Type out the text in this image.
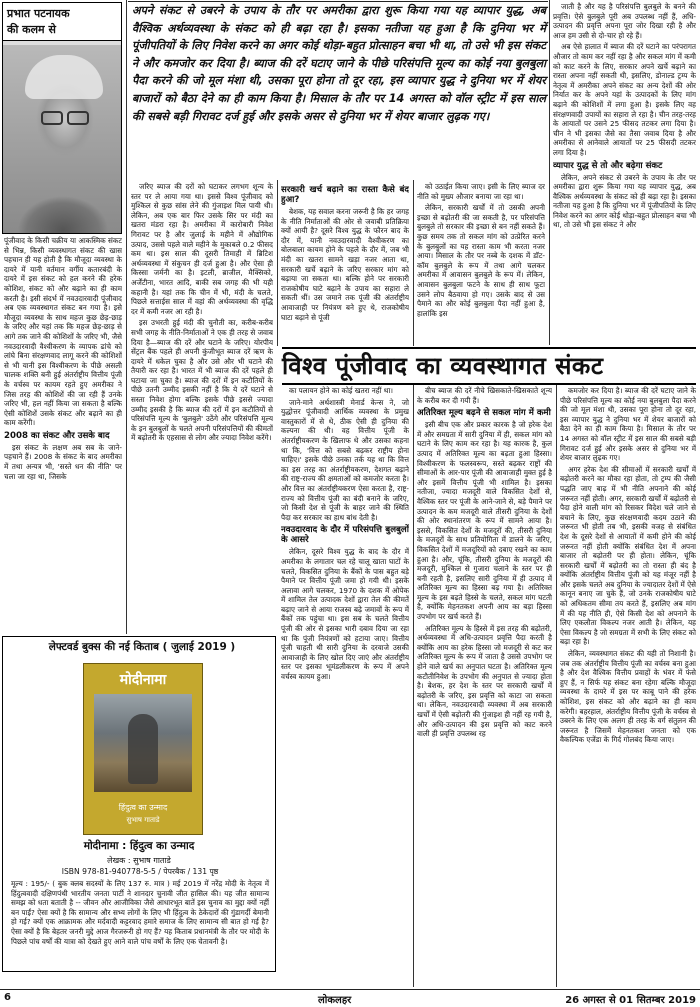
प्रभात पटनायक
की कलम से
अपने संकट से उबरने के उपाय के तौर पर अमरीका द्वारा शुरू किया गया यह व्यापार युद्ध, अब वैश्विक अर्थव्यवस्था के संकट को ही बढ़ा रहा है। इसका नतीजा यह हुआ है कि दुनिया भर में पूंजीपतियों के लिए निवेश करने का अगर कोई थोड़ा-बहुत प्रोत्साहन बचा भी था, तो उसे भी इस संकट ने और कमजोर कर दिया है। ब्याज की दरें घटाए जाने के पीछे परिसंपत्ति मूल्य का कोई नया बुलबुला पैदा करने की जो मूल मंशा थी, उसका पूरा होना तो दूर रहा, इस व्यापार युद्ध ने दुनिया भर में शेयर बाजारों को बैठा देने का ही काम किया है। मिसाल के तौर पर 14 अगस्त को वॉल स्ट्रीट में इस साल की सबसे बड़ी गिरावट दर्ज हुई और इसके असर से दुनिया भर में शेयर बाजार लुढ़क गए।

पूंजीवाद के किसी चक्रीय या आकस्मिक संकट से भिन्न, किसी व्यवस्थागत संकट की खास पहचान ही यह होती है कि मौजूदा व्यवस्था के दायरे में यानी वर्तमान वर्गीय कतारबंदी के दायरे में इस संकट को हल करने की हरेक कोशिश, संकट को और बढ़ाने का ही काम करती है। इसी संदर्भ में नवउदारवादी पूंजीवाद अब एक व्यवस्थागत संकट बन गया है। इसे मौजूदा व्यवस्था के साथ महज कुछ छेड़-छाड़ के जरिए और यहां तक कि महज छेड़-छाड़ से आगे तक जाने की कोशिशों के जरिए भी, जैसे नवउदारवादी वैश्वीकरण के व्यापक ढांचे को लांघे बिना संरक्षणवाद लागू करने की कोशिशों से भी यानी इस विश्वीकरण के पीछे असली चालक शक्ति बनी हुई अंतर्राष्ट्रीय वित्तीय पूंजी के वर्चस्व पर कायम रहते हुए अमरीका ने जिस तरह की कोशिशें की जा रही हैं उनके जरिए भी, हल नहीं किया जा सकता है बल्कि ऐसी कोशिशें उसके संकट और बढ़ाने का ही काम करेंगी।

2008 का संकट और उसके बाद

इस संकट के लक्षण अब सब के जाने-पहचाने हैं। 2008 के संकट के बाद अमरीका में तथा अन्यत्र भी, 'सस्ते धन की नीति' पर चला जा रहा था, जिसके

जरिए ब्याज की दरों को घटाकर लगभग शून्य के स्तर पर ले आया गया था। इससे विश्व पूंजीवाद को मुश्किल से कुछ सांस लेने की गुंजाइश मिल पायी थी। लेकिन, अब एक बार फिर उसके सिर पर मंदी का खतरा मंडरा रहा है। अमरीका में कारोबारी निवेश गिरावट पर है और जुलाई के महीने में औद्योगिक उत्पाद, उससे पहले वाले महीने के मुकाबले 0.2 फीसद कम था। इस साल की दूसरी तिमाही में ब्रिटिश अर्थव्यवस्था में संकुचन ही दर्ज हुआ है। और ऐसा ही किस्सा जर्मनी का है। इटली, ब्राजील, मैक्सिको, अर्जेंटीना, भारत आदि, बाकी सब जगह की भी यही कहानी है। यहां तक कि चीन में भी, मंदी के चलते, पिछले सत्ताईस साल में वहां की अर्थव्यवस्था की वृद्धि दर में कमी नजर आ रही है।

इस उभरती हुई मंदी की चुनौती का, करीब-करीब सभी जगह के नीति-निर्माताओं ने एक ही तरह से जवाब दिया है—ब्याज की दरें और घटाने के जरिए। योरपीय सेंट्रल बैंक पहले ही अपनी कुंजीभूत ब्याज दरें ऋण के दायरे में धकेल चुका है और उसे और भी घटाने की तैयारी कर रहा है। भारत में भी ब्याज की दरें पहले ही घटाया जा चुका है। ब्याज की दरों में इन कटौतियों के पीछे उतनी उम्मीद इसकी नहीं है कि ये दरें घटाने से सस्ता निवेश होगा बल्कि इसके पीछे इससे ज्यादा उम्मीद इसकी है कि ब्याज की दरों में इन कटौतियों से परिसंपत्ति मूल्य के 'बुलबुले' उठेंगे और परिसंपत्ति मूल्य के इन बुलबुलों के चलते अपनी परिसंपत्तियों की कीमतों में बढ़ोतरी के एहसास से लोग और ज्यादा निवेश करेंगे।

सरकारी खर्च बढ़ाने का रास्ता कैसे बंद हुआ?

बेशक, यह सवाल करना जरूरी है कि हर जगह के नीति निर्माताओं की ओर से जवाबी प्रतिक्रिया क्यों आयी है? दूसरे विश्व युद्ध के फौरन बाद के दौर में, यानी नवउदारवादी वैश्वीकरण का बोलबाला कायम होने के पहले के दौर में, जब भी मंदी का खतरा सामने खड़ा नजर आता था, सरकारी खर्चे बढ़ाने के जरिए सरकार मांग को बढ़ाया जा सकता था। बल्कि होने पर सरकारी राजकोषीय घाटे बढ़ाने के उपाय का सहारा ले सकती थीं। उस जमाने तक पूंजी की अंतर्राष्ट्रीय आवाजाही पर नियंत्रण बने हुए थे, राजकोषीय घाटा बढ़ाने से पूंजी

को उठाईत किया जाए। इसी के लिए ब्याज दर नीति को मुख्य औजार बनाया जा रहा था।

लेकिन, सरकारी खर्चों में तो उसकी अपनी इच्छा से बढ़ोतरी की जा सकती है, पर परिसंपत्ति बुलबुले तो सरकार की इच्छा से बन नहीं सकते हैं। कुछ समय तक तो सकल मांग को उत्प्रेरित करने के बुलबुलों का यह रास्ता काम भी करता नजर आया। मिसाल के तौर पर नब्बे के दशक में डॉट-कॉम बुलबुले के रूप में तथा आगे चलकर अमरीका में आवासन बुलबुले के रूप में। लेकिन, आवासन बुलबुला फटने के साथ ही साथ फूटा उसने लोप बैठवाया हो गए। उसके बाद से उस पैमाने का और कोई बुलबुला पैदा नहीं हुआ है, हालांकि इस

जाती है और यह है परिसंपत्ति बुलबुले के बनने की प्रवृत्ति। ऐसे बुलबुले पूरी अब उपलब्ध नहीं हैं, अधि-उत्पादन की प्रवृत्ति अपना पूरा जोर दिखा रही है और आज हम उसी से दो-चार हो रहे हैं।

अब ऐसे हालात में ब्याज की दरें घटाने का परंपरागत औजार तो काम कर नहीं रहा है और सकल मांग में कमी को काट करने के लिए, सरकार अपने खर्चे बढ़ाने का रास्ता अपना नहीं सकती थी, इसलिए, डोनाल्ड ट्रम्प के नेतृत्व में अमरीका अपने संकट का अन्य देशों की ओर निर्यात कर के अपने यहां के उत्पादकों के लिए मांग बढ़ाने की कोशिशों में लगा हुआ है। इसके लिए वह संरक्षणवादी उपायों का सहारा ले रहा है। चीन तरह-तरह के आयातों पर उसने 25 फीसद तटकर लगा दिया है। चीन ने भी इसका जैसे का तैसा जवाब दिया है और अमरीका से आनेवाले आयातों पर 25 फीसदी तटकर लगा दिया है।

व्यापार युद्ध से तो और बढ़ेगा संकट

लेकिन, अपने संकट से उबरने के उपाय के तौर पर अमरीका द्वारा शुरू किया गया यह व्यापार युद्ध, अब वैश्विक अर्थव्यवस्था के संकट को ही बढ़ा रहा है। इसका नतीजा यह हुआ है कि दुनिया भर में पूंजीपतियों के लिए निवेश करने का अगर कोई थोड़ा-बहुत प्रोत्साहन बचा भी था, तो उसे भी इस संकट ने और

विश्व पूंजीवाद का व्यवस्थागत संकट

का पलायन होने का कोई खतरा नहीं था।

जाने-माने अर्थशास्त्री मेनार्ड केन्स ने, जो युद्धोत्तर पूंजीवादी आर्थिक व्यवस्था के प्रमुख वास्तुकारों में से थे, ठीक ऐसी ही दुनिया की कल्पना की थी। वह वित्तीय पूंजी के अंतर्राष्ट्रीयकरण के खिलाफ थे और उसका कहना था कि, 'वित्त को सबसे बढ़कर राष्ट्रीय होना चाहिए।' इसके पीछे उनका तर्क यह था कि वित्त का इस तरह का अंतर्राष्ट्रीयकरण, देशगत बढ़ाने की राष्ट्र-राज्य की क्षमताओं को कमजोर करता है। और वित्त का अंतर्राष्ट्रीयकरण ऐसा करता है, राष्ट्र-राज्य को वित्तीय पूंजी का बंदी बनाने के जरिए, जो किसी देश से पूंजी के बाहर जाने की स्थिति पैदा कर सरकार का हाथ बांध देती है।

नवउदारवाद के दौर में परिसंपत्ति बुलबुलों के आसरे

लेकिन, दूसरे विश्व युद्ध के बाद के दौर में अमरीका के लगातार चल रहे चालू खाता घाटों के चलते, विकसित दुनिया के बैंकों के पास बहुत बड़े पैमाने पर वित्तीय पूंजी जमा हो गयी थी। इसके अलावा आगे चलकर, 1970 के दशक में ओपेक में शामिल तेल उत्पादक देशों द्वारा तेल की कीमतें बढ़ाए जाने से आया राजस्व बढ़े जमावों के रूप में बैंकों तक पहुंचा था। इस सब के चलते वित्तीय पूंजी की ओर से इसका भारी दबाव दिया जा रहा था कि पूंजी नियंत्रणों को हटाया जाए। वित्तीय पूंजी चाहती थी सारी दुनिया के दरवाजे उसकी आवाजाही के लिए खोल दिए जाएं और अंतर्राष्ट्रीय स्तर पर इसका भूमंडलीकरण के रूप में अपने वर्चस्व कायम हुआ।

बीच ब्याज की दरें नीचे खिसकाते-खिसकाते शून्य के करीब कर दी गयी हैं।

अतिरिक्त मूल्य बढ़ने से सकल मांग में कमी

इसी बीच एक और प्रकार कारक है जो हरेक देश में और समग्रता में सारी दुनिया में ही, सकल मांग को घटाने के लिए काम कर रहा है। यह कारक है, कुल उत्पाद में अतिरिक्त मूल्य का बढ़ता हुआ हिस्सा। विश्वीकरण के फलस्वरूप, सस्ते बढ़कर राष्ट्रों की सीमाओं के आर-पार पूंजी की आवाजाही मुक्त हुई है और इसमें वित्तीय पूंजी भी शामिल है। इसका नतीजा, ज्यादा मजदूरी वाले विकसित देशों से, वैश्विक स्तर पर पूंजी के आने-जाने से, बड़े पैमाने पर उत्पादन के कम मजदूरी वाले तीसरी दुनिया के देशों की ओर स्थानांतरण के रूप में सामने आया है। इससे, विकसित देशों के मजदूरों की, तीसरी दुनिया के मजदूरों के साथ प्रतियोगिता में डालने के जरिए, विकसित देशों में मजदूरियों को दबाए रखने का काम हुआ है। और, चूंकि, तीसरी दुनिया के मजदूरों की मजदूरी, मुश्किल से गुजारा चलाने के स्तर पर ही बनी रहती है, इसलिए सारी दुनिया में ही उत्पाद में अतिरिक्त मूल्य का हिस्सा बढ़ गया है। अतिरिक्त मूल्य के इस बढ़ते हिस्से के चलते, सकल मांग घटती है, क्योंकि मेहनतकश अपनी आय का बड़ा हिस्सा उपभोग पर खर्च करते हैं।

अतिरिक्त मूल्य के हिस्से में इस तरह की बढ़ोतरी, अर्थव्यवस्था में अधि-उत्पादन प्रवृत्ति पैदा करती है क्योंकि आय का हरेक हिस्सा जो मजदूरी से कट कर अतिरिक्त मूल्य के रूप में जाता है उससे उपभोग पर होने वाले खर्च का अनुपात घटता है। अतिरिक्त मूल्य कटौतीनिवेश के उपभोग की अनुपात से ज्यादा होता है। बेशक, हर देश के स्तर पर सरकारी खर्चों में बढ़ोतरी के जरिए, इस प्रवृत्ति को काटा जा सकता था। लेकिन, नवउदारवादी व्यवस्था में अब सरकारी खर्चों में ऐसी बढ़ोतरी की गुंजाइश ही नहीं रह गयी है, और अधि-उत्पादन की इस प्रवृत्ति को काट करने वाली ही प्रवृत्ति उपलब्ध रह

कमजोर कर दिया है। ब्याज की दरें घटाए जाने के पीछे परिसंपत्ति मूल्य का कोई नया बुलबुला पैदा करने की जो मूल मंशा थी, उसका पूरा होना तो दूर रहा, इस व्यापार युद्ध ने दुनिया भर में शेयर बाजारों को बैठा देने का ही काम किया है। मिसाल के तौर पर 14 अगस्त को वॉल स्ट्रीट में इस साल की सबसे बड़ी गिरावट दर्ज हुई और इसके असर से दुनिया भर में शेयर बाजार लुढ़क गए।

अगर हरेक देश की सीमाओं में सरकारी खर्चों में बढ़ोतरी करने का मौका रहा होता, तो ट्रम्प की जैसी पद्धति जाए बाढ़ में भी नीति अपनाने की कोई जरूरत नहीं होती। अगर, सरकारी खर्चों में बढ़ोतरी से पैदा होने वाली मांग को रिसकर विदेश चले जाने से बचाने के लिए, कुछ संरक्षणवादी कदम उठाने की जरूरत भी होती तब भी, इसकी वजह से संबंधित देश के दूसरे देशों से आयातों में कमी होने की कोई जरूरत नहीं होती क्योंकि संबंधित देश में अपना बाजार तो बढ़ोतरी पर ही होता। लेकिन, चूंकि सरकारी खर्चों में बढ़ोतरी का तो रास्ता ही बंद है क्योंकि अंतर्राष्ट्रीय वित्तीय पूंजी को यह मंजूर नहीं है और इसके चलते अब दुनिया के ज्यादातर देशों में ऐसे कानून बनाए जा चुके हैं, जो उनके राजकोषीय घाटे को अधिकतम सीमा तय करते हैं, इसलिए अब मांग में की यह नीति ही, ऐसे किसी देश को अपनाने के लिए एकलौता विकल्प नजर आती है। लेकिन, यह ऐसा विकल्प है जो समग्रता में सभी के लिए संकट को बढ़ा रहा है।

लेकिन, व्यवस्थागत संकट की यही तो निशानी है। जब तक अंतर्राष्ट्रीय वित्तीय पूंजी का वर्चस्व बना हुआ है और देश वैश्विक वित्तीय प्रवाहों के भंवर में फंसे हुए हैं, न सिर्फ यह संकट बना रहेगा बल्कि मौजूदा व्यवस्था के दायरे में इस पर काबू पाने की हरेक कोशिश, इस संकट को और बढ़ाने का ही काम करेगी। बहरहाल, अंतर्राष्ट्रीय वित्तीय पूंजी के वर्चस्व से उबरने के लिए एक अलग ही तरह के वर्ग संतुलन की जरूरत है जिसमें मेहनतकश जनता को एक वैकल्पिक एजेंडा के गिर्द गोलबंद किया जाए।

लेफ्टवर्ड बुक्स की नई किताब ( जुलाई 2019 )
मोदीनामा
हिंदुत्व का उन्माद
सुभाष गाताडे
मोदीनामा : हिंदुत्व का उन्माद
लेखक : सुभाष गाताडे
ISBN 978-81-940778-5-5 / पेपरबैक / 131 पृष्ठ
मूल्य : 195/- ( बुक क्लब सदस्यों के लिए 137 रु. मात्र ) मई 2019 में नरेंद्र मोदी के नेतृत्व में हिंदुत्ववादी दक्षिणपंथी भारतीय जनता पार्टी ने शानदार चुनावी जीत हासिल की। यह जीत सामान्य समझ को धता बताती है -- जीवन और आजीविका जैसे आधारभूत बातें इस चुनाव का मुद्दा क्यों नहीं बन पाईं? ऐसा क्यों है कि सामान्य और सभ्य लोगों के लिए भी हिंदुत्व के ठेकेदारों की गुंडागर्दी बेमानी हो गई? क्यों एक आक्रामक और मर्दवादी कट्टरवाद हमारे समाज के लिए सामान्य सी बात हो गई है? ऐसा क्यों है कि बेहतर जनरी मुद्दे आज गैरजरूरी हो गए हैं? यह किताब प्रधानमंत्री के तौर पर मोदी के पिछले पांच वर्षों की यात्रा को देखते हुए आने वाले पांच वर्षों के लिए एक चेतावनी है।
6	लोकलहर	26 अगस्त से 01 सितम्बर 2019
